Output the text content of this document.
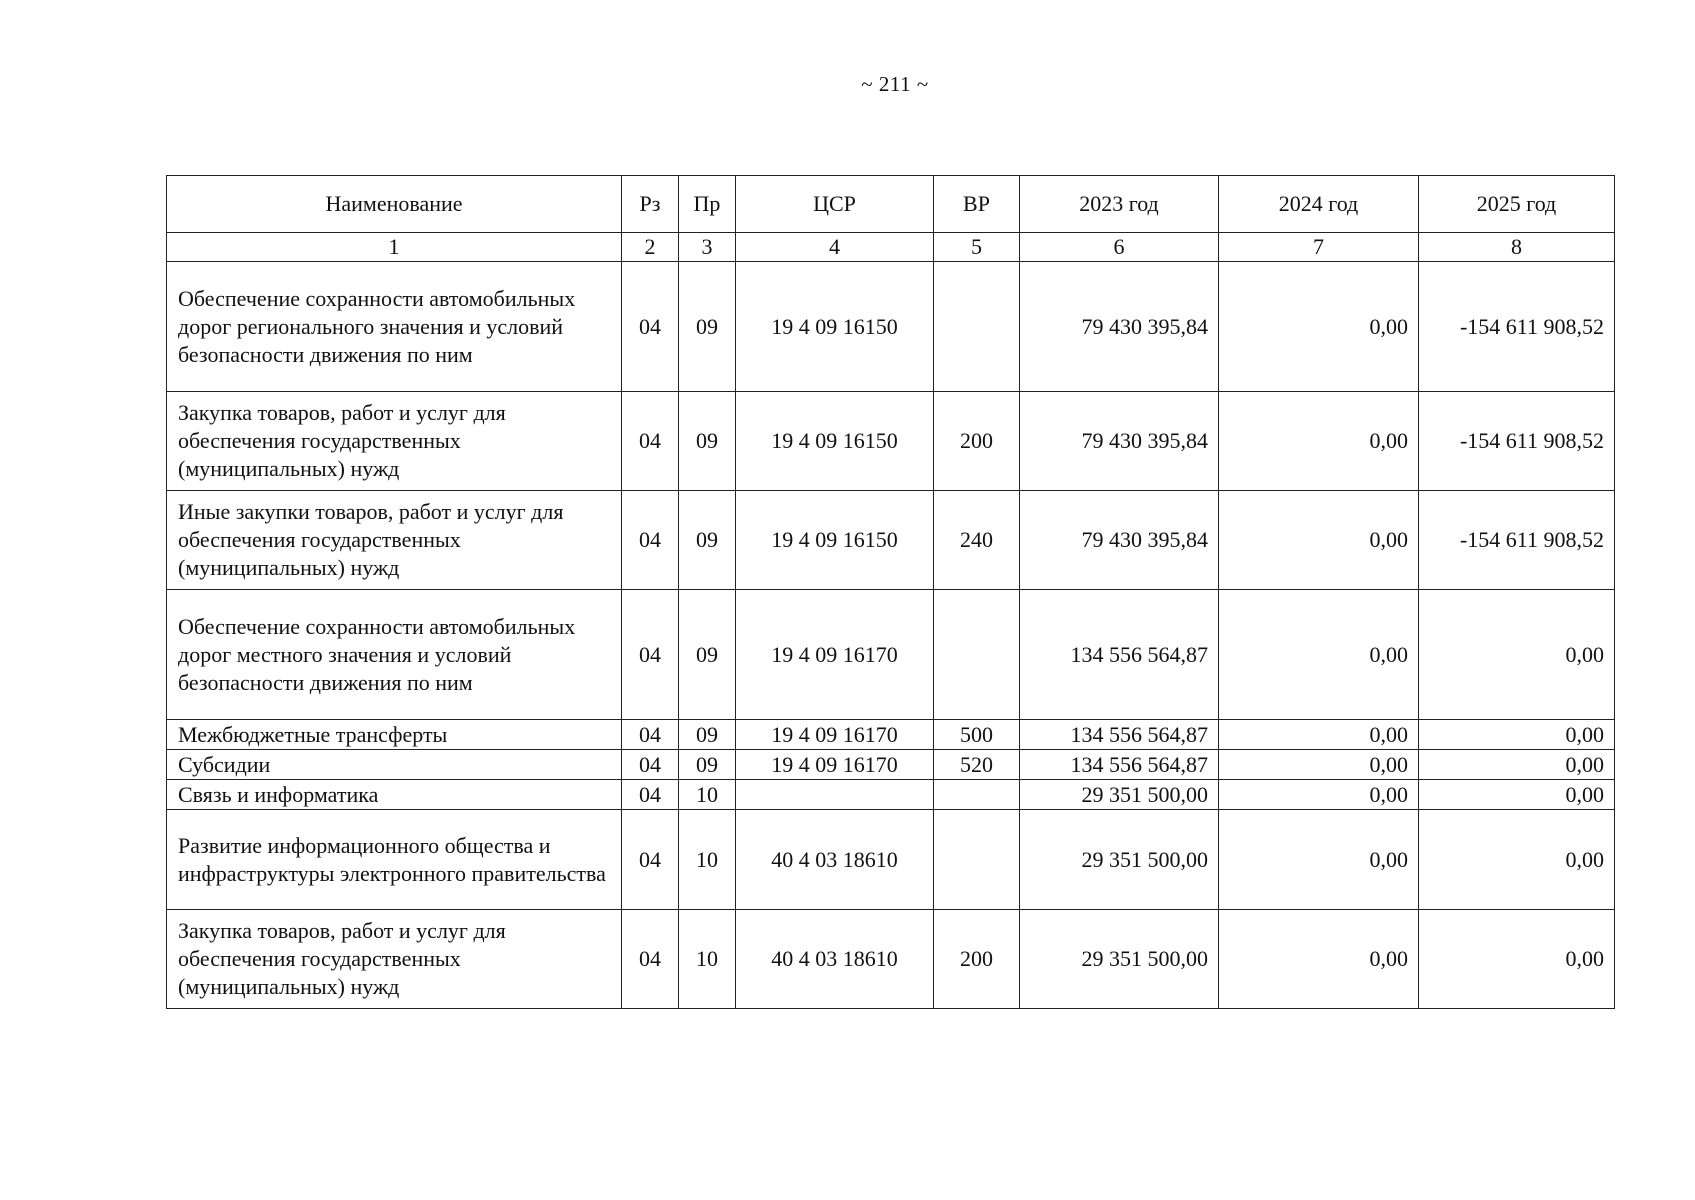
~ 211 ~
Наименование	Рз	Пр	ЦСР	ВР	2023 год	2024 год	2025 год
1	2	3	4	5	6	7	8
Обеспечение сохранности автомобильных дорог регионального значения и условий безопасности движения по ним	04	09	19 4 09 16150		79 430 395,84	0,00	-154 611 908,52
Закупка товаров, работ и услуг для обеспечения государственных (муниципальных) нужд	04	09	19 4 09 16150	200	79 430 395,84	0,00	-154 611 908,52
Иные закупки товаров, работ и услуг для обеспечения государственных (муниципальных) нужд	04	09	19 4 09 16150	240	79 430 395,84	0,00	-154 611 908,52
Обеспечение сохранности автомобильных дорог местного значения и условий безопасности движения по ним	04	09	19 4 09 16170		134 556 564,87	0,00	0,00
Межбюджетные трансферты	04	09	19 4 09 16170	500	134 556 564,87	0,00	0,00
Субсидии	04	09	19 4 09 16170	520	134 556 564,87	0,00	0,00
Связь и информатика	04	10			29 351 500,00	0,00	0,00
Развитие информационного общества и инфраструктуры электронного правительства	04	10	40 4 03 18610		29 351 500,00	0,00	0,00
Закупка товаров, работ и услуг для обеспечения государственных (муниципальных) нужд	04	10	40 4 03 18610	200	29 351 500,00	0,00	0,00
